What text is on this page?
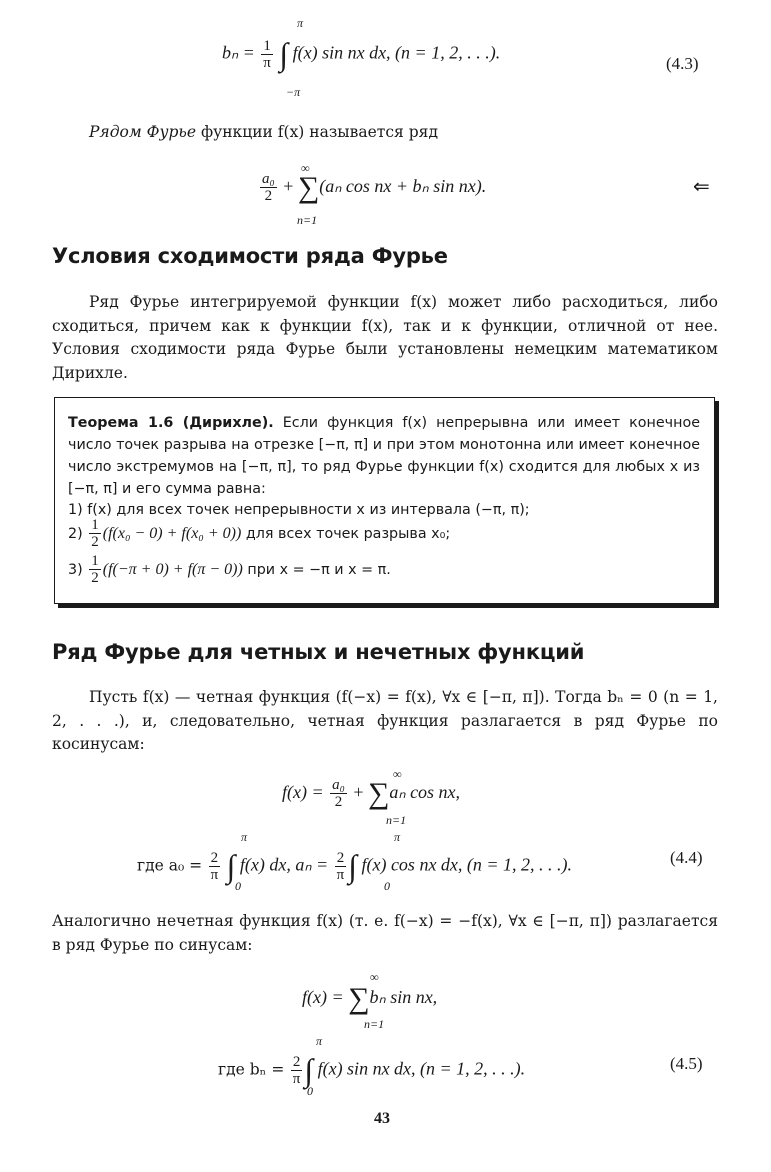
π
$b_n = \frac{1}{\pi}$ ∫ f(x) sin nx dx, (n = 1, 2, . . .).
−π
(4.3)
Рядом Фурье функции f(x) называется ряд
∞
$\frac{\text{a₀}}{2} + \sum(a_n$ cos nx + bₙ sin nx).
n=1
⇐
Условия сходимости ряда Фурье
Ряд Фурье интегрируемой функции f(x) может либо расходиться, либо сходиться, причем как к функции f(x), так и к функции, отличной от нее. Условия сходимости ряда Фурье были установлены немецким математиком Дирихле.
Теорема 1.6 (Дирихле). Если функция f(x) непрерывна или имеет конечное число точек разрыва на отрезке [−π, π] и при этом монотонна или имеет конечное число экстремумов на [−π, π], то ряд Фурье функции f(x) сходится для любых x из [−π, π] и его сумма равна:
1) f(x) для всех точек непрерывности x из интервала (−π, π);
$2) \frac{1}{2} (f(x_0 - 0) + f(x_0 + 0))$ для всех точек разрыва x₀;
$3) \frac{1}{2} (f(-\pi + 0) + f(\pi - 0))$ при x = −π и x = π.
Ряд Фурье для четных и нечетных функций
Пусть f(x) — четная функция (f(−x) = f(x), ∀x ∈ [−π, π]). Тогда bₙ = 0 (n = 1, 2, . . .), и, следовательно, четная функция разлагается в ряд Фурье по косинусам:
∞
$f(x) = \frac{\text{a₀}}{2} + \sum a_n$ cos nx,
n=1
π	π
где $a_0 = \frac{2}{\pi}$ ∫ f(x) dx, $a_n = \frac{2}{\pi}$ ∫ f(x) cos nx dx, (n = 1, 2, . . .).
0	0
(4.4)
Аналогично нечетная функция f(x) (т. е. f(−x) = −f(x), ∀x ∈ [−π, π]) разлагается в ряд Фурье по синусам:
∞
f(x) = ∑bₙ sin nx,
n=1
π
где $b_n = \frac{2}{\pi}$ ∫ f(x) sin nx dx, (n = 1, 2, . . .).
0
(4.5)
43
